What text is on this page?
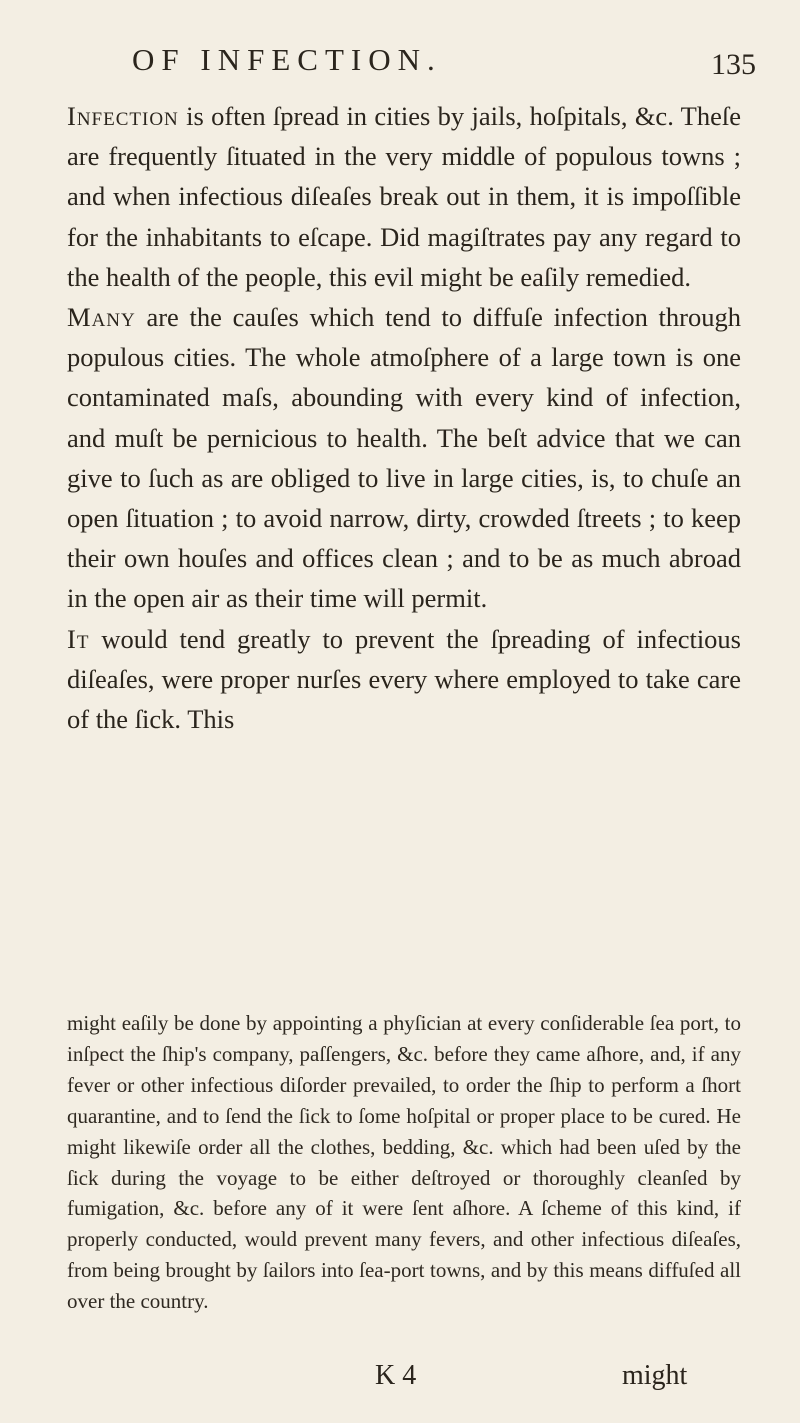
OF INFECTION.	135

Infection is often ſpread in cities by jails, hoſpitals, &c. Theſe are frequently ſituated in the very middle of populous towns ; and when infectious diſeaſes break out in them, it is impoſſible for the inhabitants to eſcape. Did magiſtrates pay any regard to the health of the people, this evil might be eaſily remedied.

Many are the cauſes which tend to diffuſe infection through populous cities. The whole atmoſphere of a large town is one contaminated maſs, abounding with every kind of infection, and muſt be pernicious to health. The beſt advice that we can give to ſuch as are obliged to live in large cities, is, to chuſe an open ſituation ; to avoid narrow, dirty, crowded ſtreets ; to keep their own houſes and offices clean ; and to be as much abroad in the open air as their time will permit.

It would tend greatly to prevent the ſpreading of infectious diſeaſes, were proper nurſes every where employed to take care of the ſick. This

might eaſily be done by appointing a phyſician at every conſiderable ſea port, to inſpect the ſhip's company, paſſengers, &c. before they came aſhore, and, if any fever or other infectious diſorder prevailed, to order the ſhip to perform a ſhort quarantine, and to ſend the ſick to ſome hoſpital or proper place to be cured. He might likewiſe order all the clothes, bedding, &c. which had been uſed by the ſick during the voyage to be either deſtroyed or thoroughly cleanſed by fumigation, &c. before any of it were ſent aſhore. A ſcheme of this kind, if properly conducted, would prevent many fevers, and other infectious diſeaſes, from being brought by ſailors into ſea-port towns, and by this means diffuſed all over the country.
K 4	might
